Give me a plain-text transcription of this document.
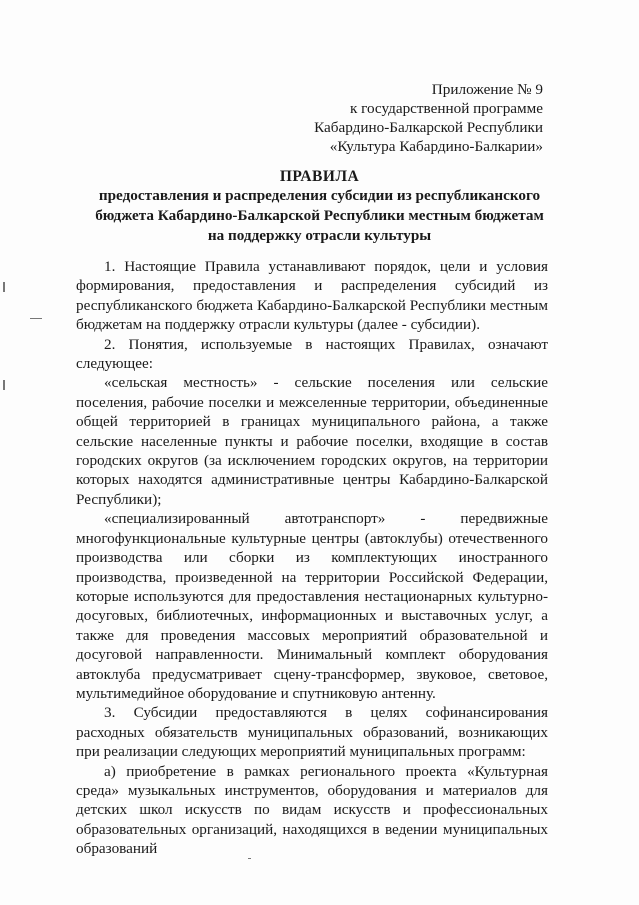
Приложение № 9
к государственной программе
Кабардино-Балкарской Республики
«Культура Кабардино-Балкарии»
ПРАВИЛА
предоставления и распределения субсидии из республиканского
бюджета Кабардино-Балкарской Республики местным бюджетам
на поддержку отрасли культуры

1. Настоящие Правила устанавливают порядок, цели и условия формирования, предоставления и распределения субсидий из республиканского бюджета Кабардино-Балкарской Республики местным бюджетам на поддержку отрасли культуры (далее - субсидии).

2. Понятия, используемые в настоящих Правилах, означают следующее:

«сельская местность» - сельские поселения или сельские поселения, рабочие поселки и межселенные территории, объединенные общей территорией в границах муниципального района, а также сельские населенные пункты и рабочие поселки, входящие в состав городских округов (за исключением городских округов, на территории которых находятся административные центры Кабардино-Балкарской Республики);

«специализированный автотранспорт» - передвижные многофункциональные культурные центры (автоклубы) отечественного производства или сборки из комплектующих иностранного производства, произведенной на территории Российской Федерации, которые используются для предоставления нестационарных культурно-досуговых, библиотечных, информационных и выставочных услуг, а также для проведения массовых мероприятий образовательной и досуговой направленности. Минимальный комплект оборудования автоклуба предусматривает сцену-трансформер, звуковое, световое, мультимедийное оборудование и спутниковую антенну.

3. Субсидии предоставляются в целях софинансирования расходных обязательств муниципальных образований, возникающих при реализации следующих мероприятий муниципальных программ:

а) приобретение в рамках регионального проекта «Культурная среда» музыкальных инструментов, оборудования и материалов для детских школ искусств по видам искусств и профессиональных образовательных организаций, находящихся в ведении муниципальных образований
